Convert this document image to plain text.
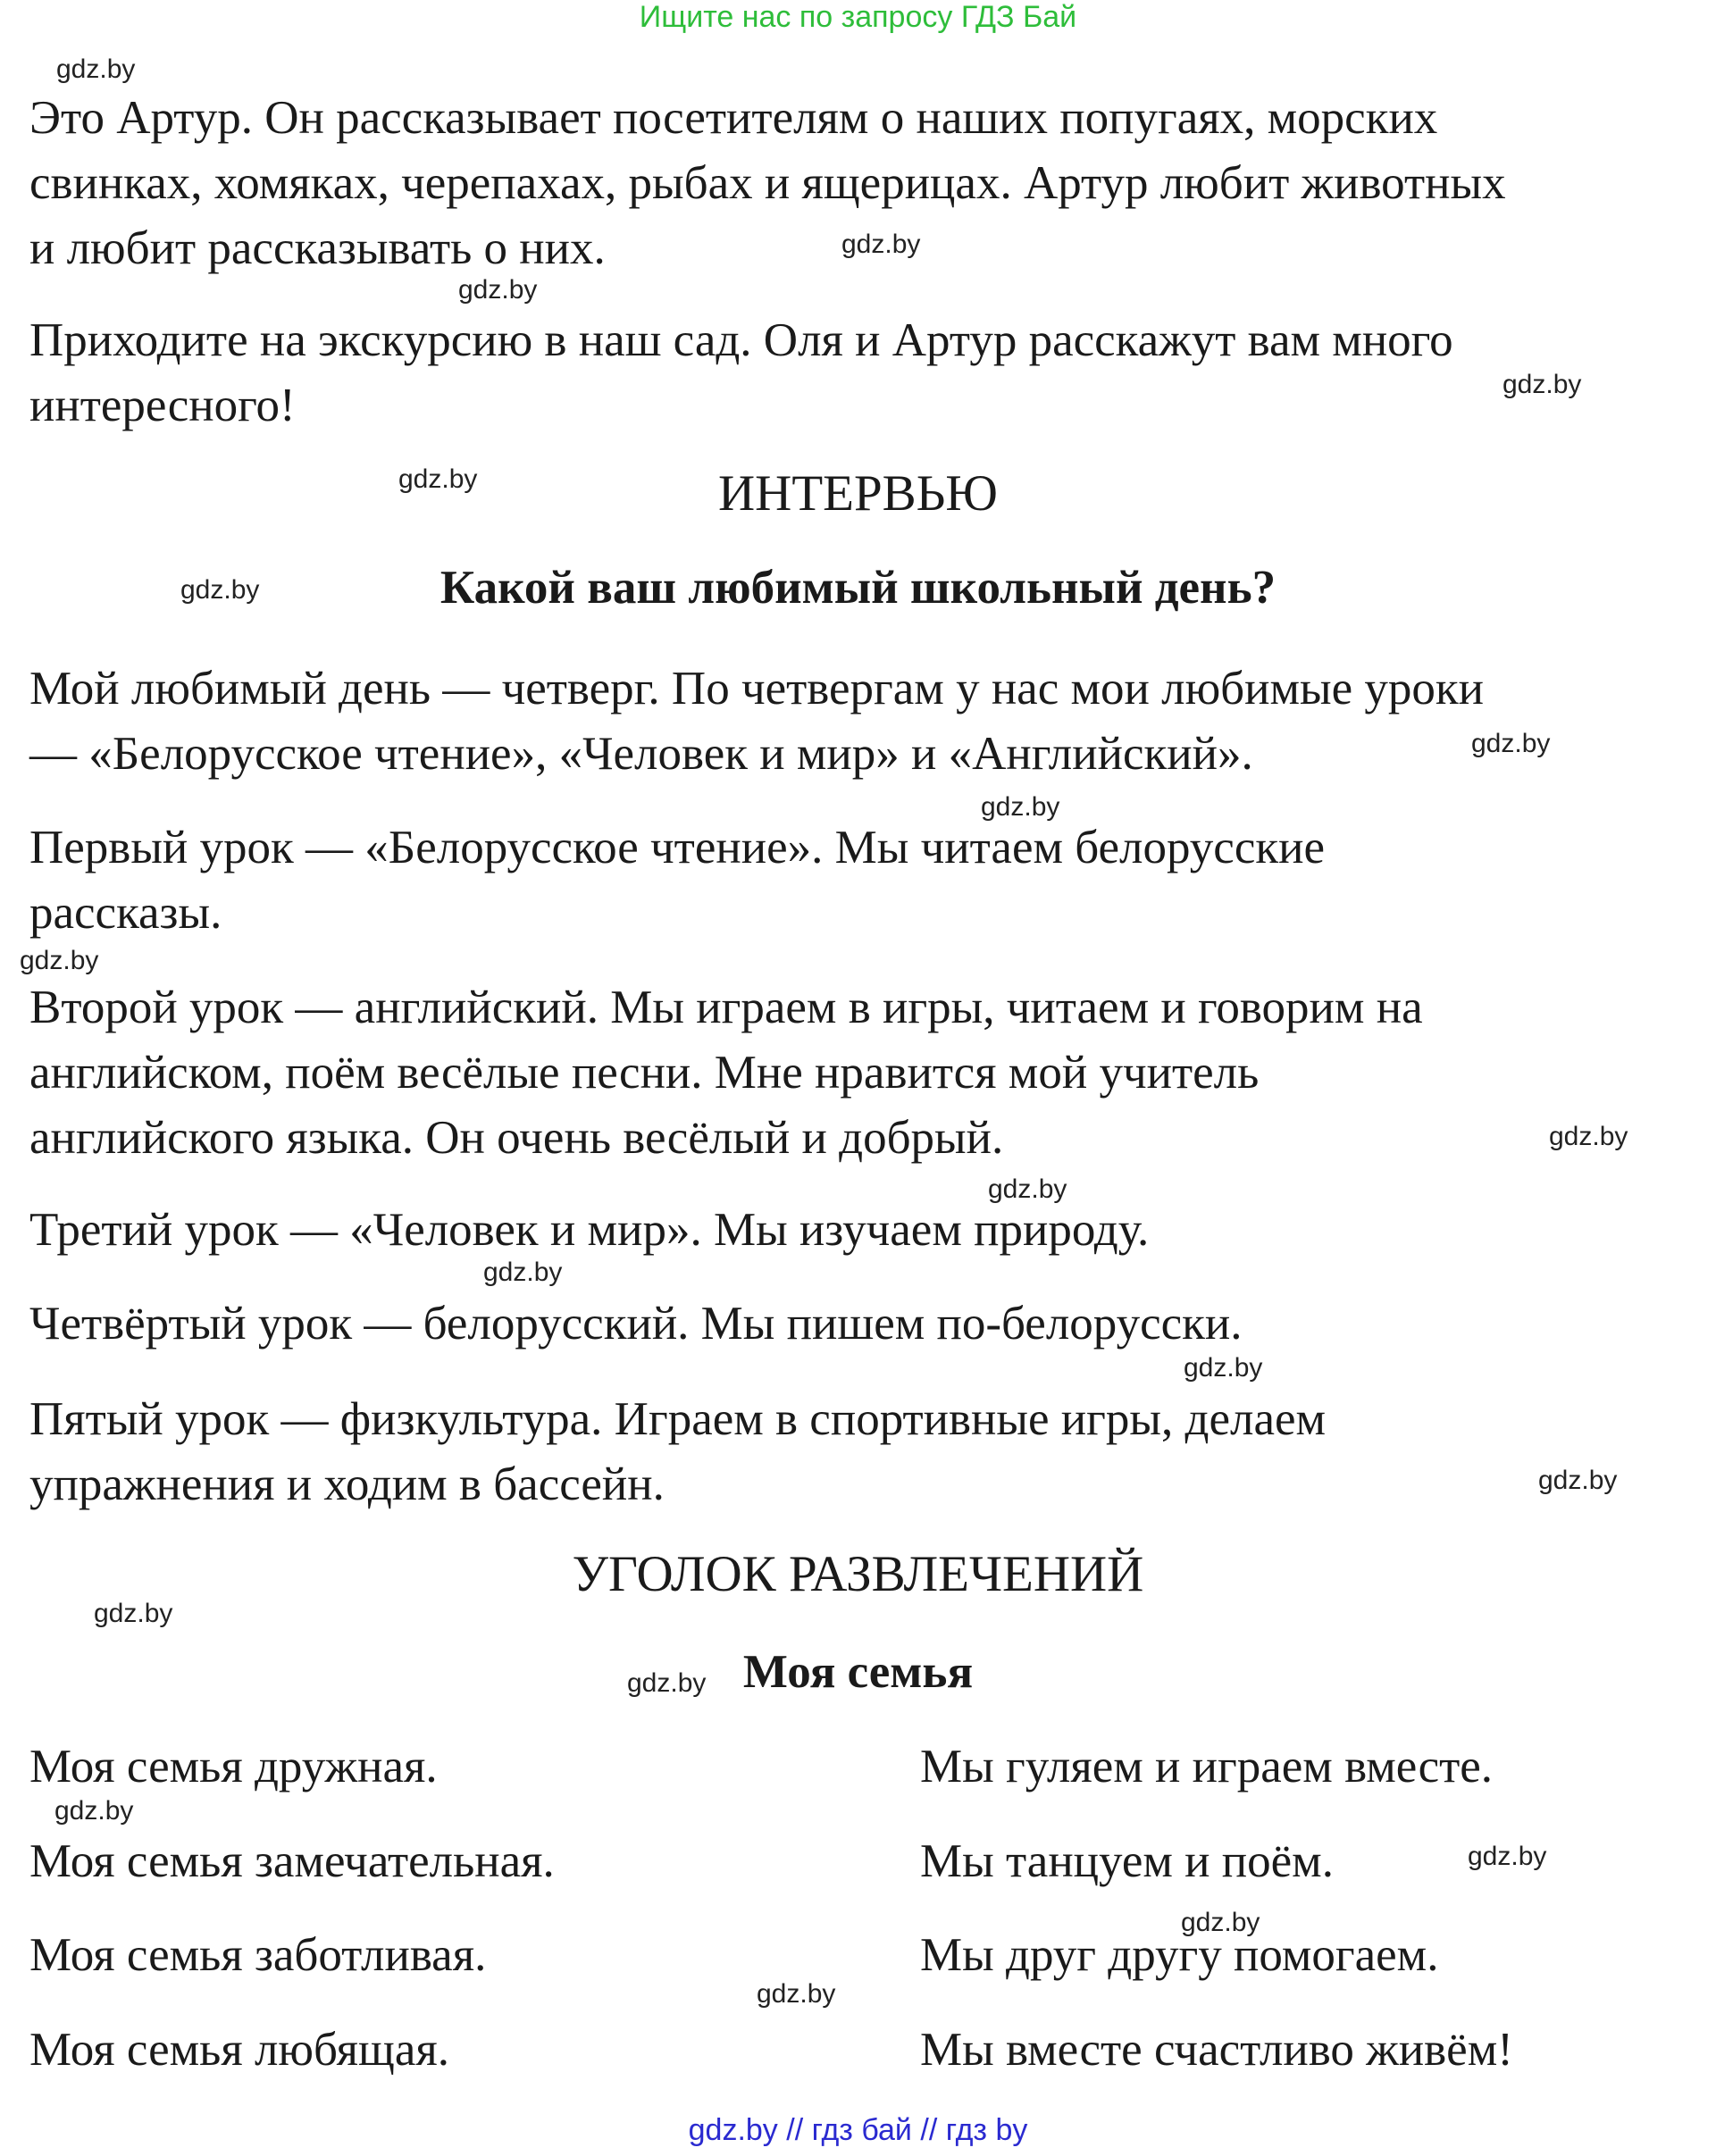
Ищите нас по запросу ГДЗ Бай
Это Артур. Он рассказывает посетителям о наших попугаях, морских
свинках, хомяках, черепахах, рыбах и ящерицах. Артур любит животных
и любит рассказывать о них.
Приходите на экскурсию в наш сад. Оля и Артур расскажут вам много
интересного!
ИНТЕРВЬЮ
Какой ваш любимый школьный день?
Мой любимый день — четверг. По четвергам у нас мои любимые уроки
— «Белорусское чтение», «Человек и мир» и «Английский».
Первый урок — «Белорусское чтение». Мы читаем белорусские
рассказы.
Второй урок — английский. Мы играем в игры, читаем и говорим на
английском, поём весёлые песни. Мне нравится мой учитель
английского языка. Он очень весёлый и добрый.
Третий урок — «Человек и мир». Мы изучаем природу.
Четвёртый урок — белорусский. Мы пишем по-белорусски.
Пятый урок — физкультура. Играем в спортивные игры, делаем
упражнения и ходим в бассейн.
УГОЛОК РАЗВЛЕЧЕНИЙ
Моя семья
Моя семья дружная.
Моя семья замечательная.
Моя семья заботливая.
Моя семья любящая.
Мы гуляем и играем вместе.
Мы танцуем и поём.
Мы друг другу помогаем.
Мы вместе счастливо живём!
gdz.by
gdz.by
gdz.by
gdz.by
gdz.by
gdz.by
gdz.by
gdz.by
gdz.by
gdz.by
gdz.by
gdz.by
gdz.by
gdz.by
gdz.by
gdz.by
gdz.by
gdz.by
gdz.by
gdz.by
gdz.by // гдз бай // гдз by
